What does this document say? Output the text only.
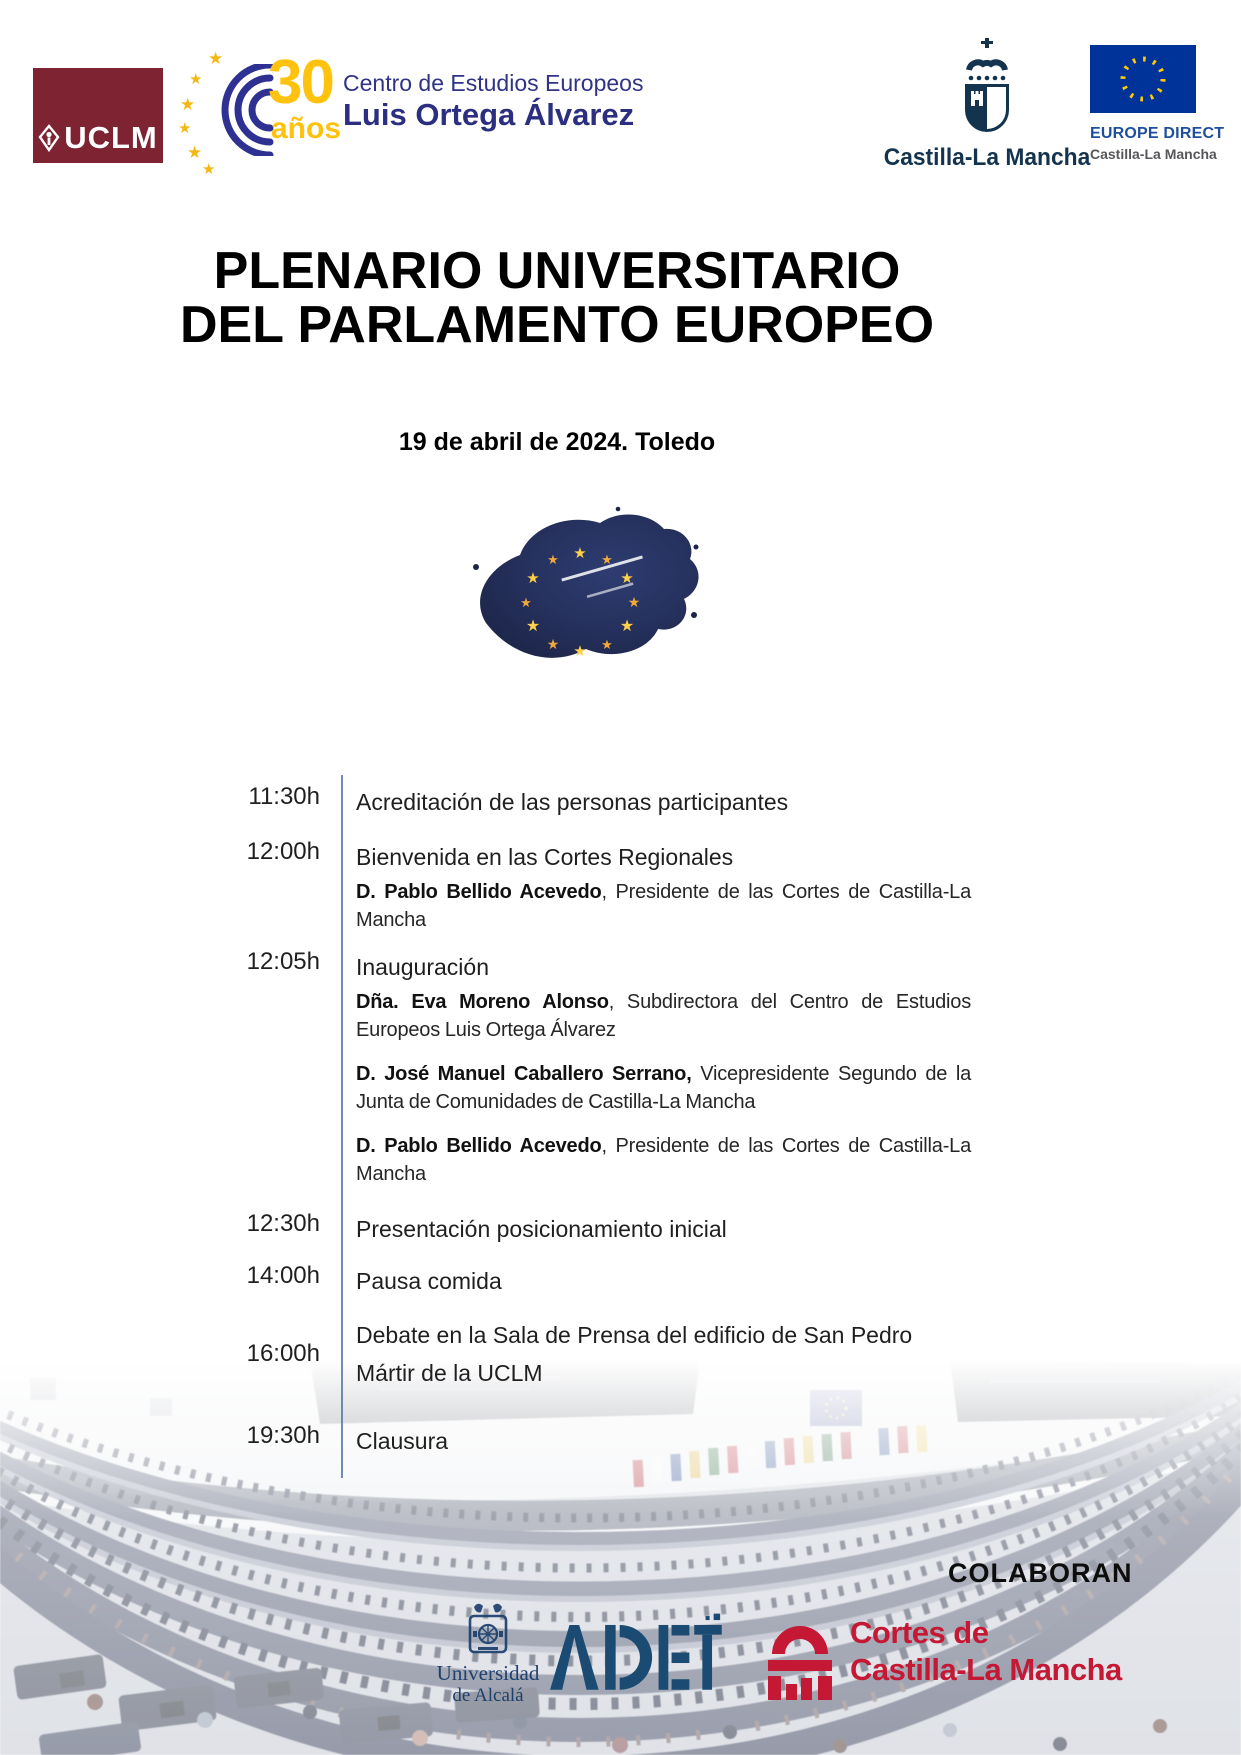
UCLM
★
★
★
★
★
★
30
años
Centro de Estudios Europeos
Luis Ortega Álvarez
Castilla-La Mancha
EUROPE DIRECT
Castilla-La Mancha
PLENARIO UNIVERSITARIO
DEL PARLAMENTO EUROPEO
19 de abril de 2024. Toledo
★ ★
★
★
★
★
★
★
★
★
★
★
11:30h Acreditación de las personas participantes
12:00h Bienvenida en las Cortes Regionales
D. Pablo Bellido Acevedo, Presidente de las Cortes de Castilla-La Mancha
12:05h Inauguración
Dña. Eva Moreno Alonso, Subdirectora del Centro de Estudios Europeos Luis Ortega Álvarez
D. José Manuel Caballero Serrano, Vicepresidente Segundo de la Junta de Comunidades de Castilla-La Mancha
D. Pablo Bellido Acevedo, Presidente de las Cortes de Castilla-La Mancha
12:30h Presentación posicionamiento inicial
14:00h Pausa comida
16:00h
Debate en la Sala de Prensa del edificio de San Pedro Mártir de la UCLM
19:30h Clausura
COLABORAN
Universidad
de Alcalá
Cortes de
Castilla-La Mancha
